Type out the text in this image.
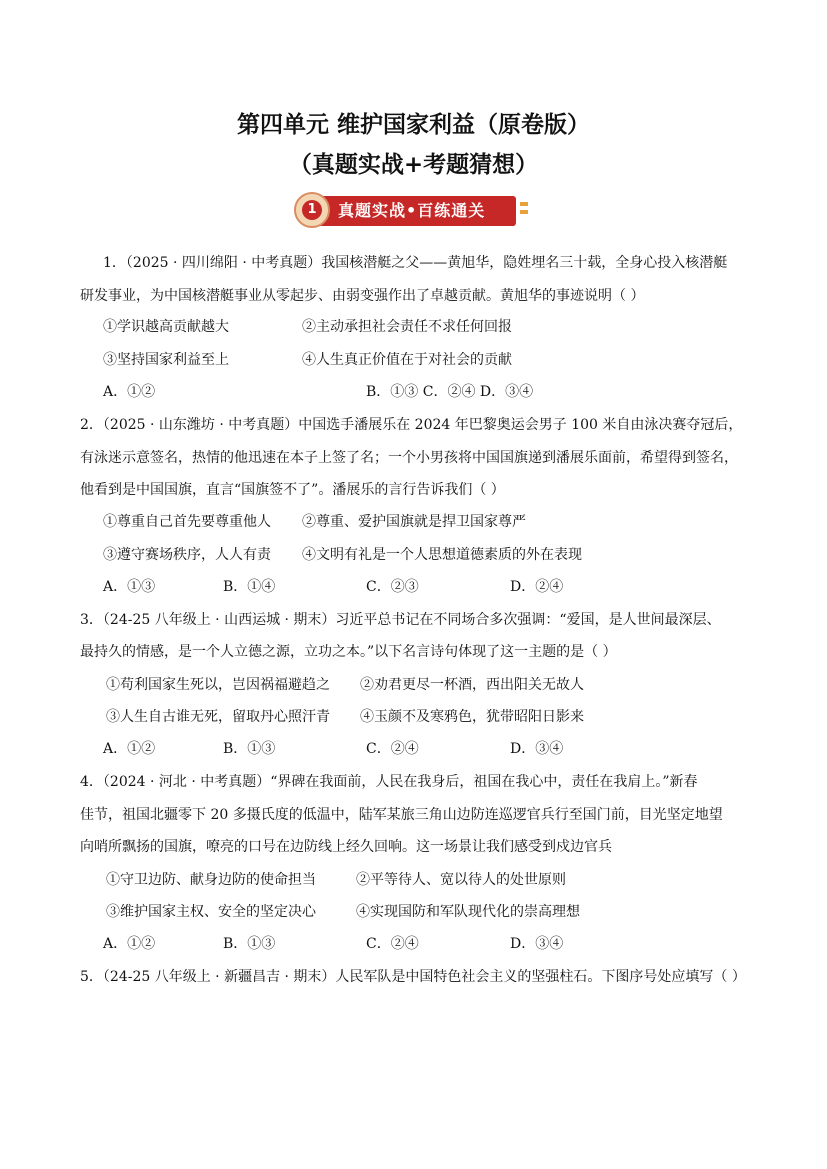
第四单元 维护国家利益（原卷版）
（真题实战+考题猜想）
1	真题实战•百练通关
1．（2025 · 四川绵阳 · 中考真题）我国核潜艇之父——黄旭华，隐姓埋名三十载，全身心投入核潜艇
研发事业，为中国核潜艇事业从零起步、由弱变强作出了卓越贡献。黄旭华的事迹说明（ ）
①学识越高贡献越大	②主动承担社会责任不求任何回报
③坚持国家利益至上	④人生真正价值在于对社会的贡献
A．①②	B．①③ C．②④ D．③④
2．（2025 · 山东潍坊 · 中考真题）中国选手潘展乐在 2024 年巴黎奥运会男子 100 米自由泳决赛夺冠后，
有泳迷示意签名，热情的他迅速在本子上签了名；一个小男孩将中国国旗递到潘展乐面前，希望得到签名，
他看到是中国国旗，直言“国旗签不了”。潘展乐的言行告诉我们（ ）
①尊重自己首先要尊重他人 ②尊重、爱护国旗就是捍卫国家尊严
③遵守赛场秩序，人人有责 ④文明有礼是一个人思想道德素质的外在表现
A．①③	B．①④	C．②③	D．②④
3．（24-25 八年级上 · 山西运城 · 期末）习近平总书记在不同场合多次强调：“爱国，是人世间最深层、
最持久的情感，是一个人立德之源，立功之本。”以下名言诗句体现了这一主题的是（ ）
①苟利国家生死以，岂因祸福避趋之 ②劝君更尽一杯酒，西出阳关无故人
③人生自古谁无死，留取丹心照汗青 ④玉颜不及寒鸦色，犹带昭阳日影来
A．①②	B．①③	C．②④	D．③④
4．（2024 · 河北 · 中考真题）“界碑在我面前，人民在我身后，祖国在我心中，责任在我肩上。”新春
佳节，祖国北疆零下 20 多摄氏度的低温中，陆军某旅三角山边防连巡逻官兵行至国门前，目光坚定地望
向哨所飘扬的国旗，嘹亮的口号在边防线上经久回响。这一场景让我们感受到戍边官兵
①守卫边防、献身边防的使命担当	②平等待人、宽以待人的处世原则
③维护国家主权、安全的坚定决心	④实现国防和军队现代化的崇高理想
A．①②	B．①③	C．②④	D．③④
5．（24-25 八年级上 · 新疆昌吉 · 期末）人民军队是中国特色社会主义的坚强柱石。下图序号处应填写（ ）
